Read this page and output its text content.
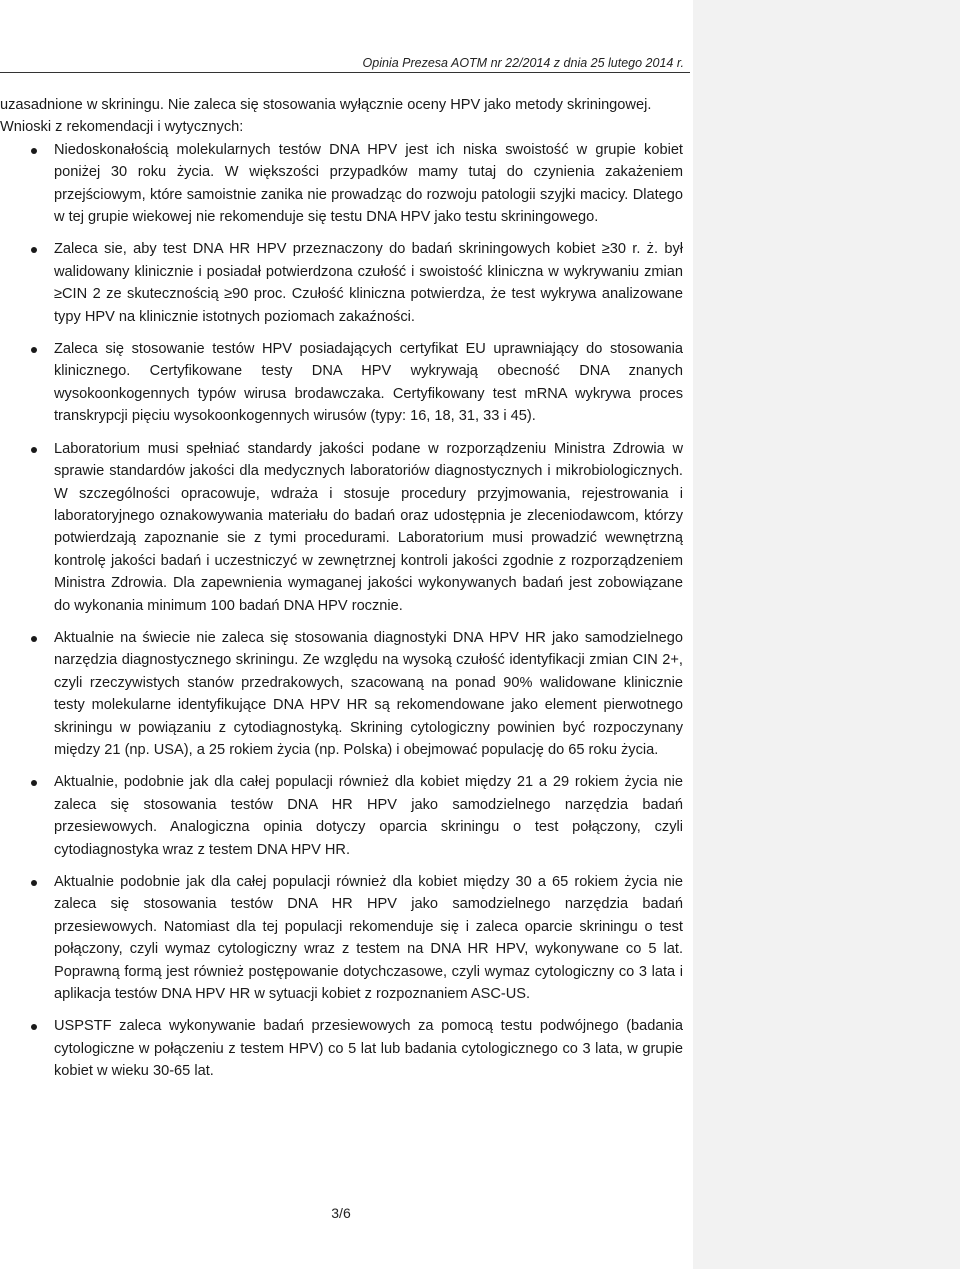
Opinia Prezesa AOTM nr 22/2014 z dnia 25 lutego 2014 r.

uzasadnione w skriningu. Nie zaleca się stosowania wyłącznie oceny HPV jako metody skriningowej.

Wnioski z rekomendacji i wytycznych:

Niedoskonałością molekularnych testów DNA HPV jest ich niska swoistość w grupie kobiet poniżej 30 roku życia. W większości przypadków mamy tutaj do czynienia zakażeniem przejściowym, które samoistnie zanika nie prowadząc do rozwoju patologii szyjki macicy. Dlatego w tej grupie wiekowej nie rekomenduje się testu DNA HPV jako testu skriningowego.
Zaleca sie, aby test DNA HR HPV przeznaczony do badań skriningowych kobiet ≥30 r. ż. był walidowany klinicznie i posiadał potwierdzona czułość i swoistość kliniczna w wykrywaniu zmian ≥CIN 2 ze skutecznością ≥90 proc. Czułość kliniczna potwierdza, że test wykrywa analizowane typy HPV na klinicznie istotnych poziomach zakaźności.
Zaleca się stosowanie testów HPV posiadających certyfikat EU uprawniający do stosowania klinicznego. Certyfikowane testy DNA HPV wykrywają obecność DNA znanych wysokoonkogennych typów wirusa brodawczaka. Certyfikowany test mRNA wykrywa proces transkrypcji pięciu wysokoonkogennych wirusów (typy: 16, 18, 31, 33 i 45).
Laboratorium musi spełniać standardy jakości podane w rozporządzeniu Ministra Zdrowia w sprawie standardów jakości dla medycznych laboratoriów diagnostycznych i mikrobiologicznych. W szczególności opracowuje, wdraża i stosuje procedury przyjmowania, rejestrowania i laboratoryjnego oznakowywania materiału do badań oraz udostępnia je zleceniodawcom, którzy potwierdzają zapoznanie sie z tymi procedurami. Laboratorium musi prowadzić wewnętrzną kontrolę jakości badań i uczestniczyć w zewnętrznej kontroli jakości zgodnie z rozporządzeniem Ministra Zdrowia. Dla zapewnienia wymaganej jakości wykonywanych badań jest zobowiązane do wykonania minimum 100 badań DNA HPV rocznie.
Aktualnie na świecie nie zaleca się stosowania diagnostyki DNA HPV HR jako samodzielnego narzędzia diagnostycznego skriningu. Ze względu na wysoką czułość identyfikacji zmian CIN 2+, czyli rzeczywistych stanów przedrakowych, szacowaną na ponad 90% walidowane klinicznie testy molekularne identyfikujące DNA HPV HR są rekomendowane jako element pierwotnego skriningu w powiązaniu z cytodiagnostyką. Skrining cytologiczny powinien być rozpoczynany między 21 (np. USA), a 25 rokiem życia (np. Polska) i obejmować populację do 65 roku życia.
Aktualnie, podobnie jak dla całej populacji również dla kobiet między 21 a 29 rokiem życia nie zaleca się stosowania testów DNA HR HPV jako samodzielnego narzędzia badań przesiewowych. Analogiczna opinia dotyczy oparcia skriningu o test połączony, czyli cytodiagnostyka wraz z testem DNA HPV HR.
Aktualnie podobnie jak dla całej populacji również dla kobiet między 30 a 65 rokiem życia nie zaleca się stosowania testów DNA HR HPV jako samodzielnego narzędzia badań przesiewowych. Natomiast dla tej populacji rekomenduje się i zaleca oparcie skriningu o test połączony, czyli wymaz cytologiczny wraz z testem na DNA HR HPV, wykonywane co 5 lat. Poprawną formą jest również postępowanie dotychczasowe, czyli wymaz cytologiczny co 3 lata i aplikacja testów DNA HPV HR w sytuacji kobiet z rozpoznaniem ASC-US.
USPSTF zaleca wykonywanie badań przesiewowych za pomocą testu podwójnego (badania cytologiczne w połączeniu z testem HPV) co 5 lat lub badania cytologicznego co 3 lata, w grupie kobiet w wieku 30-65 lat.
3/6
